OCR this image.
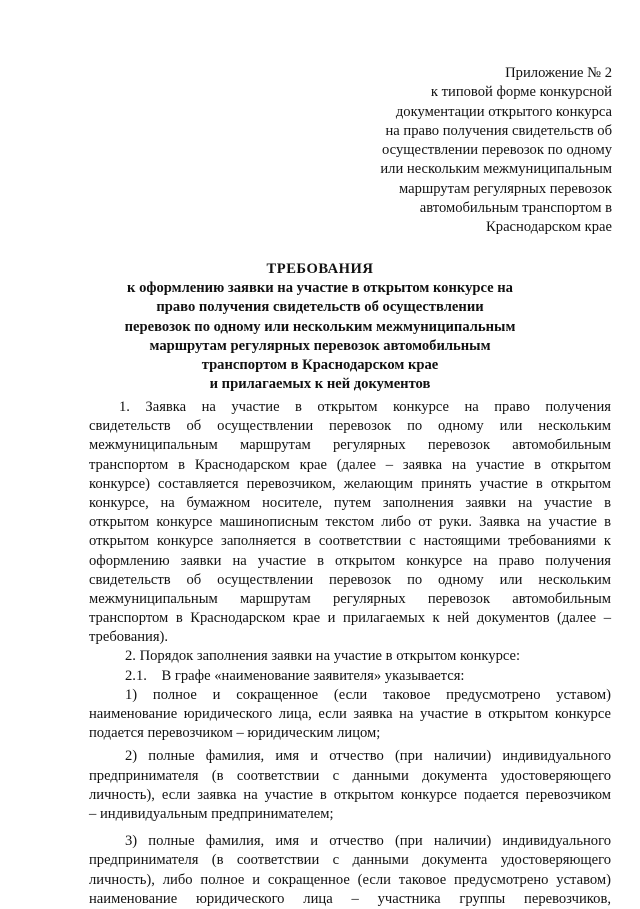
Приложение № 2
к типовой форме конкурсной
документации открытого конкурса
на право получения свидетельств об
осуществлении перевозок по одному
или нескольким межмуниципальным
маршрутам регулярных перевозок
автомобильным транспортом в
Краснодарском крае
ТРЕБОВАНИЯ
к оформлению заявки на участие в открытом конкурсе на
право получения свидетельств об осуществлении
перевозок по одному или нескольким межмуниципальным
маршрутам регулярных перевозок автомобильным
транспортом в Краснодарском крае
и прилагаемых к ней документов
1. Заявка на участие в открытом конкурсе на право получения
свидетельств об осуществлении перевозок по одному или нескольким
межмуниципальным маршрутам регулярных перевозок автомобильным
транспортом в Краснодарском крае (далее – заявка на участие в открытом
конкурсе) составляется перевозчиком, желающим принять участие в открытом
конкурсе, на бумажном носителе, путем заполнения заявки на участие в
открытом конкурсе машинописным текстом либо от руки. Заявка на участие в
открытом конкурсе заполняется в соответствии с настоящими требованиями к
оформлению заявки на участие в открытом конкурсе на право получения
свидетельств об осуществлении перевозок по одному или нескольким
межмуниципальным маршрутам регулярных перевозок автомобильным
транспортом в Краснодарском крае и прилагаемых к ней документов (далее –
требования).
2. Порядок заполнения заявки на участие в открытом конкурсе:
2.1.    В графе «наименование заявителя» указывается:
1) полное и сокращенное (если таковое предусмотрено уставом)
наименование юридического лица, если заявка на участие в открытом конкурсе
подается перевозчиком – юридическим лицом;
2) полные фамилия, имя и отчество (при наличии) индивидуального
предпринимателя (в соответствии с данными документа удостоверяющего
личность), если заявка на участие в открытом конкурсе подается перевозчиком
– индивидуальным предпринимателем;
3) полные фамилия, имя и отчество (при наличии) индивидуального
предпринимателя (в соответствии с данными документа удостоверяющего
личность), либо полное и сокращенное (если таковое предусмотрено уставом)
наименование юридического лица – участника группы перевозчиков,
